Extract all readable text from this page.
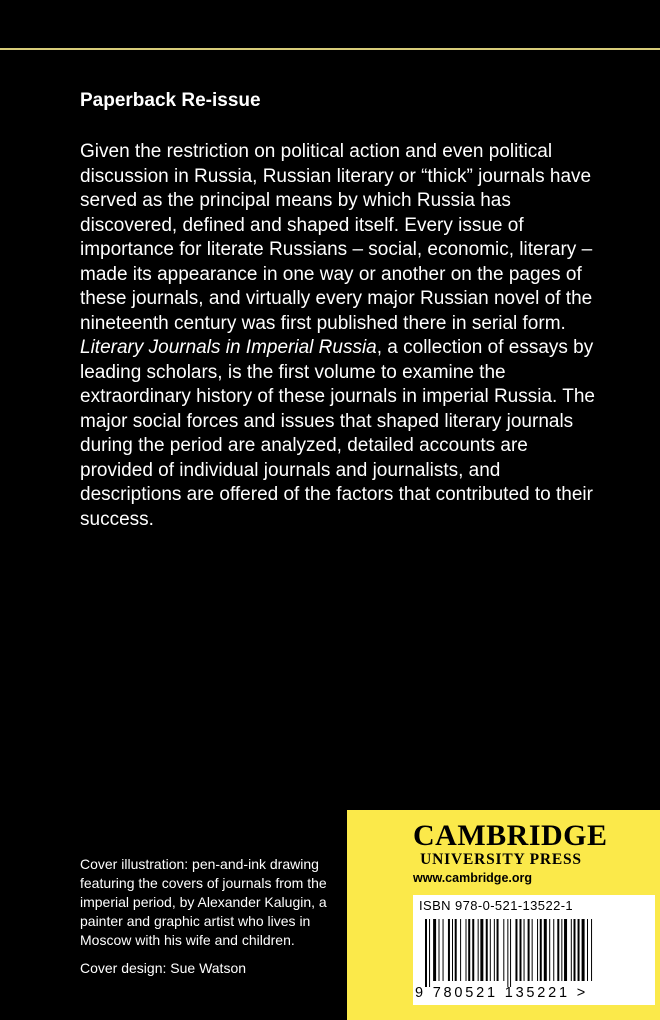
Paperback Re-issue

Given the restriction on political action and even political discussion in Russia, Russian literary or “thick” journals have served as the principal means by which Russia has discovered, defined and shaped itself. Every issue of importance for literate Russians – social, economic, literary – made its appearance in one way or another on the pages of these journals, and virtually every major Russian novel of the nineteenth century was first published there in serial form. Literary Journals in Imperial Russia, a collection of essays by leading scholars, is the first volume to examine the extraordinary history of these journals in imperial Russia. The major social forces and issues that shaped literary journals during the period are analyzed, detailed accounts are provided of individual journals and journalists, and descriptions are offered of the factors that contributed to their success.

Cover illustration: pen-and-ink drawing featuring the covers of journals from the imperial period, by Alexander Kalugin, a painter and graphic artist who lives in Moscow with his wife and children.

Cover design: Sue Watson

CAMBRIDGE
UNIVERSITY PRESS
www.cambridge.org
ISBN 978-0-521-13522-1
9 780521 135221 >
